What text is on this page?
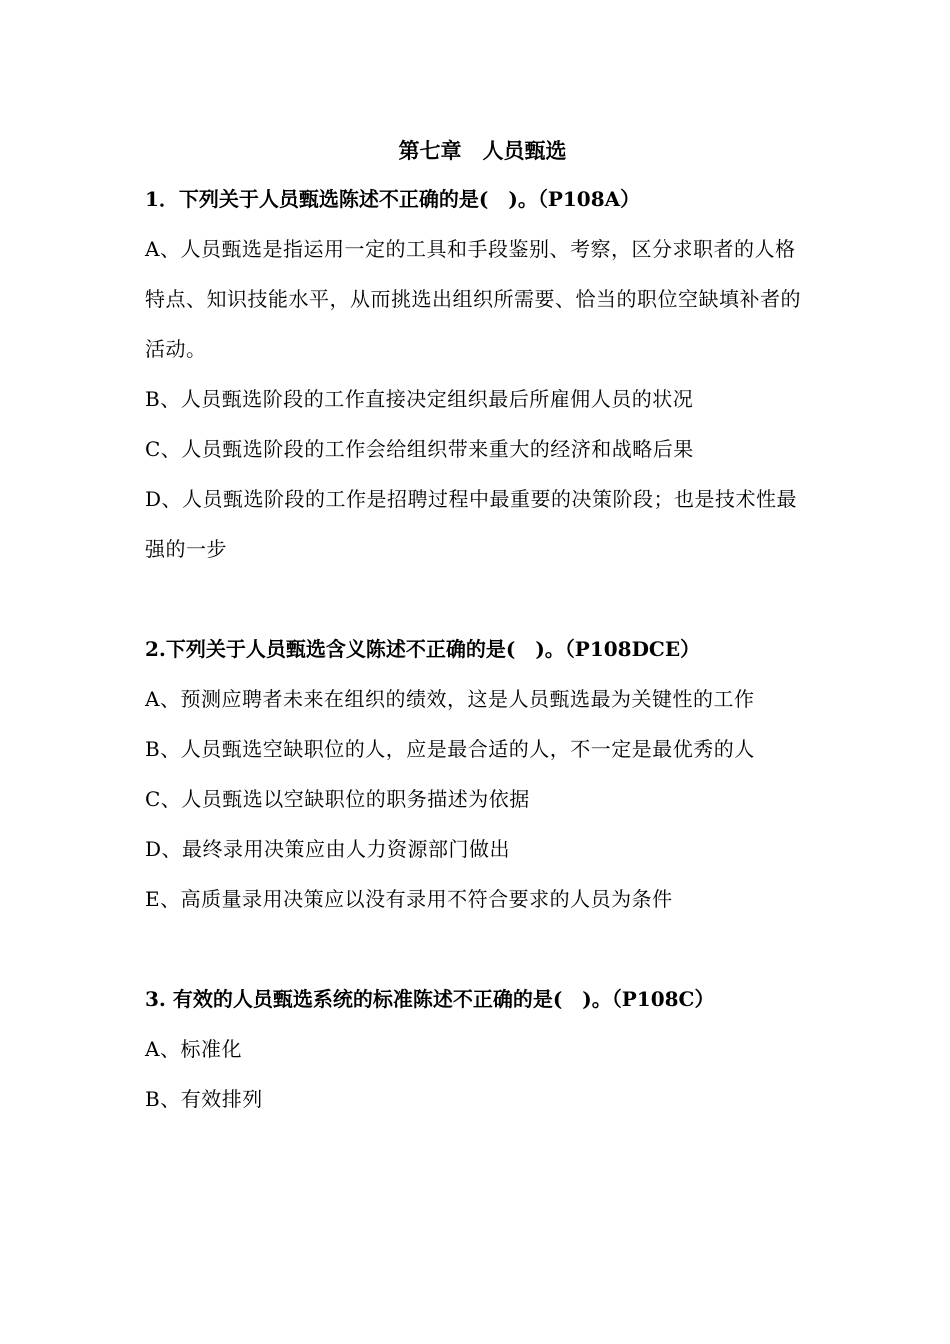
第七章　人员甄选

1．下列关于人员甄选陈述不正确的是(　)。（P108A）

A、人员甄选是指运用一定的工具和手段鉴别、考察，区分求职者的人格特点、知识技能水平，从而挑选出组织所需要、恰当的职位空缺填补者的活动。

B、人员甄选阶段的工作直接决定组织最后所雇佣人员的状况

C、人员甄选阶段的工作会给组织带来重大的经济和战略后果

D、人员甄选阶段的工作是招聘过程中最重要的决策阶段；也是技术性最强的一步

2.下列关于人员甄选含义陈述不正确的是(　)。（P108DCE）

A、预测应聘者未来在组织的绩效，这是人员甄选最为关键性的工作

B、人员甄选空缺职位的人，应是最合适的人，不一定是最优秀的人

C、人员甄选以空缺职位的职务描述为依据

D、最终录用决策应由人力资源部门做出

E、高质量录用决策应以没有录用不符合要求的人员为条件

3. 有效的人员甄选系统的标准陈述不正确的是(　)。（P108C）

A、标准化

B、有效排列
